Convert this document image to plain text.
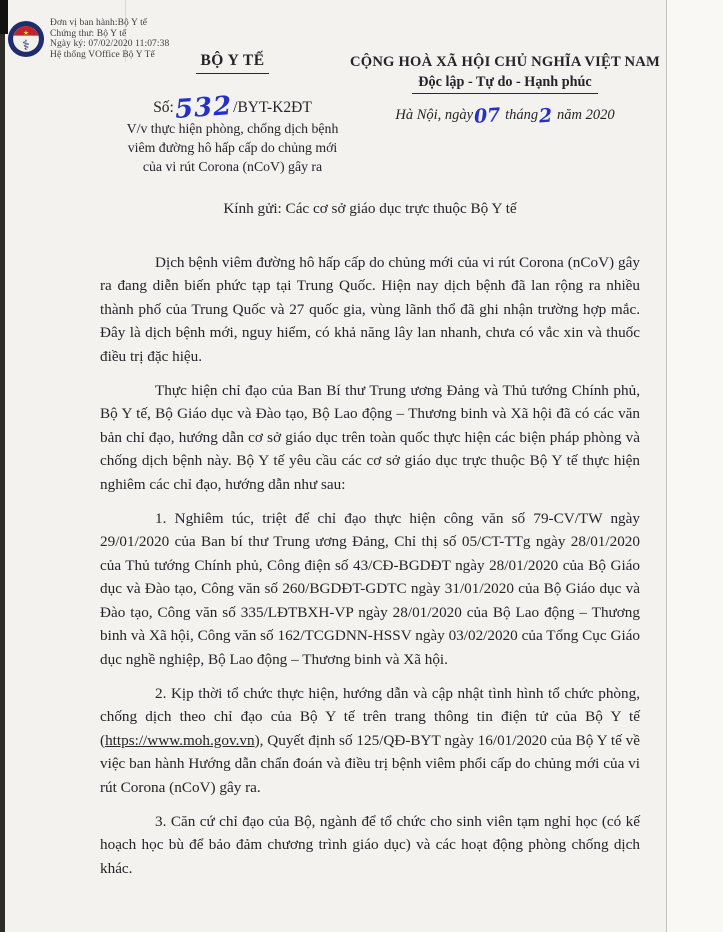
★
⚕
Đơn vị ban hành:Bộ Y tế
Chứng thư: Bộ Y tế
Ngày ký: 07/02/2020 11:07:38
Hệ thống VOffice Bộ Y Tế	BỘ Y TẾ
Số:532/BYT-K2ĐT
V/v thực hiện phòng, chống dịch bệnh
viêm đường hô hấp cấp do chủng mới
của vi rút Corona (nCoV) gây ra
CỘNG HOÀ XÃ HỘI CHỦ NGHĨA VIỆT NAM
Độc lập - Tự do - Hạnh phúc
Hà Nội, ngày07 tháng2 năm 2020
Kính gửi: Các cơ sở giáo dục trực thuộc Bộ Y tế

Dịch bệnh viêm đường hô hấp cấp do chủng mới của vi rút Corona (nCoV) gây ra đang diễn biến phức tạp tại Trung Quốc. Hiện nay dịch bệnh đã lan rộng ra nhiều thành phố của Trung Quốc và 27 quốc gia, vùng lãnh thổ đã ghi nhận trường hợp mắc. Đây là dịch bệnh mới, nguy hiểm, có khả năng lây lan nhanh, chưa có vắc xin và thuốc điều trị đặc hiệu.

Thực hiện chỉ đạo của Ban Bí thư Trung ương Đảng và Thủ tướng Chính phủ, Bộ Y tế, Bộ Giáo dục và Đào tạo, Bộ Lao động – Thương binh và Xã hội đã có các văn bản chỉ đạo, hướng dẫn cơ sở giáo dục trên toàn quốc thực hiện các biện pháp phòng và chống dịch bệnh này. Bộ Y tế yêu cầu các cơ sở giáo dục trực thuộc Bộ Y tế thực hiện nghiêm các chỉ đạo, hướng dẫn như sau:

1. Nghiêm túc, triệt để chỉ đạo thực hiện công văn số 79-CV/TW ngày 29/01/2020 của Ban bí thư Trung ương Đảng, Chỉ thị số 05/CT-TTg ngày 28/01/2020 của Thủ tướng Chính phủ, Công điện số 43/CĐ-BGDĐT ngày 28/01/2020 của Bộ Giáo dục và Đào tạo, Công văn số 260/BGDĐT-GDTC ngày 31/01/2020 của Bộ Giáo dục và Đào tạo, Công văn số 335/LĐTBXH-VP ngày 28/01/2020 của Bộ Lao động – Thương binh và Xã hội, Công văn số 162/TCGDNN-HSSV ngày 03/02/2020 của Tổng Cục Giáo dục nghề nghiệp, Bộ Lao động – Thương binh và Xã hội.

2. Kịp thời tổ chức thực hiện, hướng dẫn và cập nhật tình hình tổ chức phòng, chống dịch theo chỉ đạo của Bộ Y tế trên trang thông tin điện tử của Bộ Y tế (https://www.moh.gov.vn), Quyết định số 125/QĐ-BYT ngày 16/01/2020 của Bộ Y tế về việc ban hành Hướng dẫn chẩn đoán và điều trị bệnh viêm phổi cấp do chủng mới của vi rút Corona (nCoV) gây ra.

3. Căn cứ chỉ đạo của Bộ, ngành để tổ chức cho sinh viên tạm nghỉ học (có kế hoạch học bù để bảo đảm chương trình giáo dục) và các hoạt động phòng chống dịch khác.
